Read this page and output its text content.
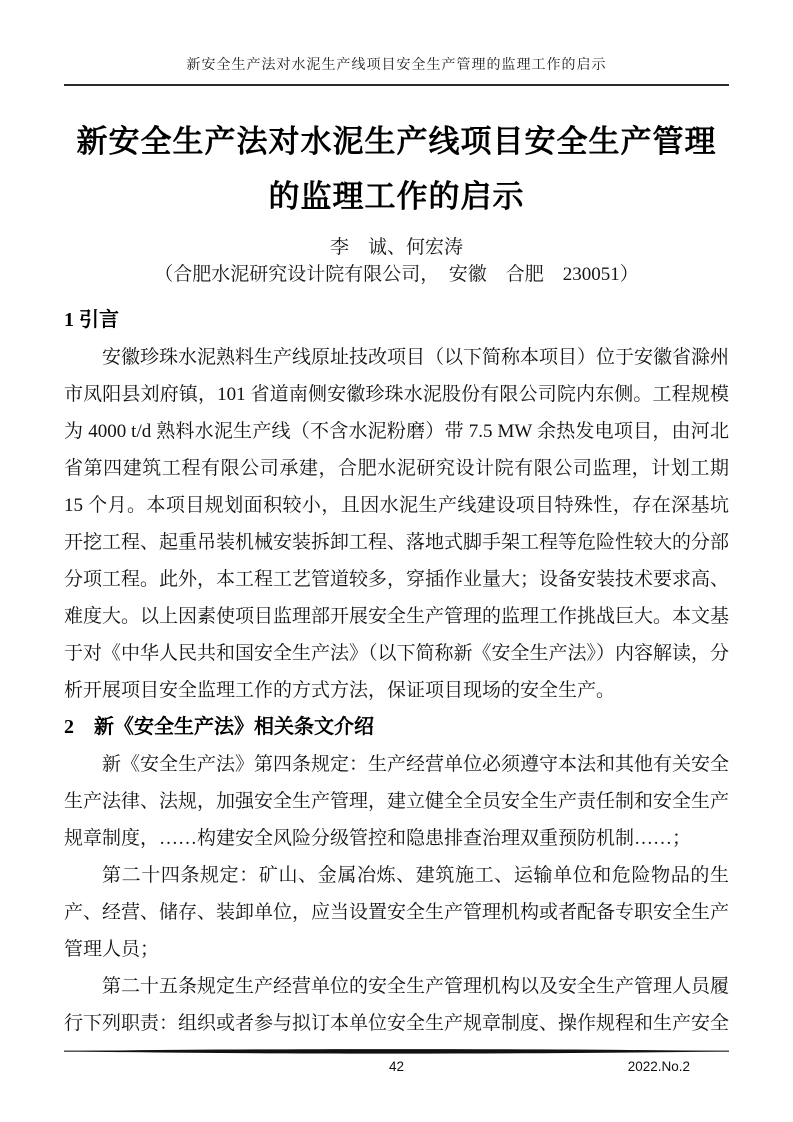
新安全生产法对水泥生产线项目安全生产管理的监理工作的启示
新安全生产法对水泥生产线项目安全生产管理
的监理工作的启示
李　诚、何宏涛
（合肥水泥研究设计院有限公司，　安徽　合肥　230051）
1 引言

安徽珍珠水泥熟料生产线原址技改项目（以下简称本项目）位于安徽省滁州市凤阳县刘府镇，101 省道南侧安徽珍珠水泥股份有限公司院内东侧。工程规模为 4000 t/d 熟料水泥生产线（不含水泥粉磨）带 7.5 MW 余热发电项目，由河北省第四建筑工程有限公司承建，合肥水泥研究设计院有限公司监理，计划工期 15 个月。本项目规划面积较小，且因水泥生产线建设项目特殊性，存在深基坑开挖工程、起重吊装机械安装拆卸工程、落地式脚手架工程等危险性较大的分部分项工程。此外，本工程工艺管道较多，穿插作业量大；设备安装技术要求高、难度大。以上因素使项目监理部开展安全生产管理的监理工作挑战巨大。本文基于对《中华人民共和国安全生产法》（以下简称新《安全生产法》）内容解读，分析开展项目安全监理工作的方式方法，保证项目现场的安全生产。

2　新《安全生产法》相关条文介绍

新《安全生产法》第四条规定：生产经营单位必须遵守本法和其他有关安全生产法律、法规，加强安全生产管理，建立健全全员安全生产责任制和安全生产规章制度，……构建安全风险分级管控和隐患排查治理双重预防机制……；

第二十四条规定：矿山、金属冶炼、建筑施工、运输单位和危险物品的生产、经营、储存、装卸单位，应当设置安全生产管理机构或者配备专职安全生产管理人员；

第二十五条规定生产经营单位的安全生产管理机构以及安全生产管理人员履行下列职责：组织或者参与拟订本单位安全生产规章制度、操作规程和生产安全

42	2022.No.2
